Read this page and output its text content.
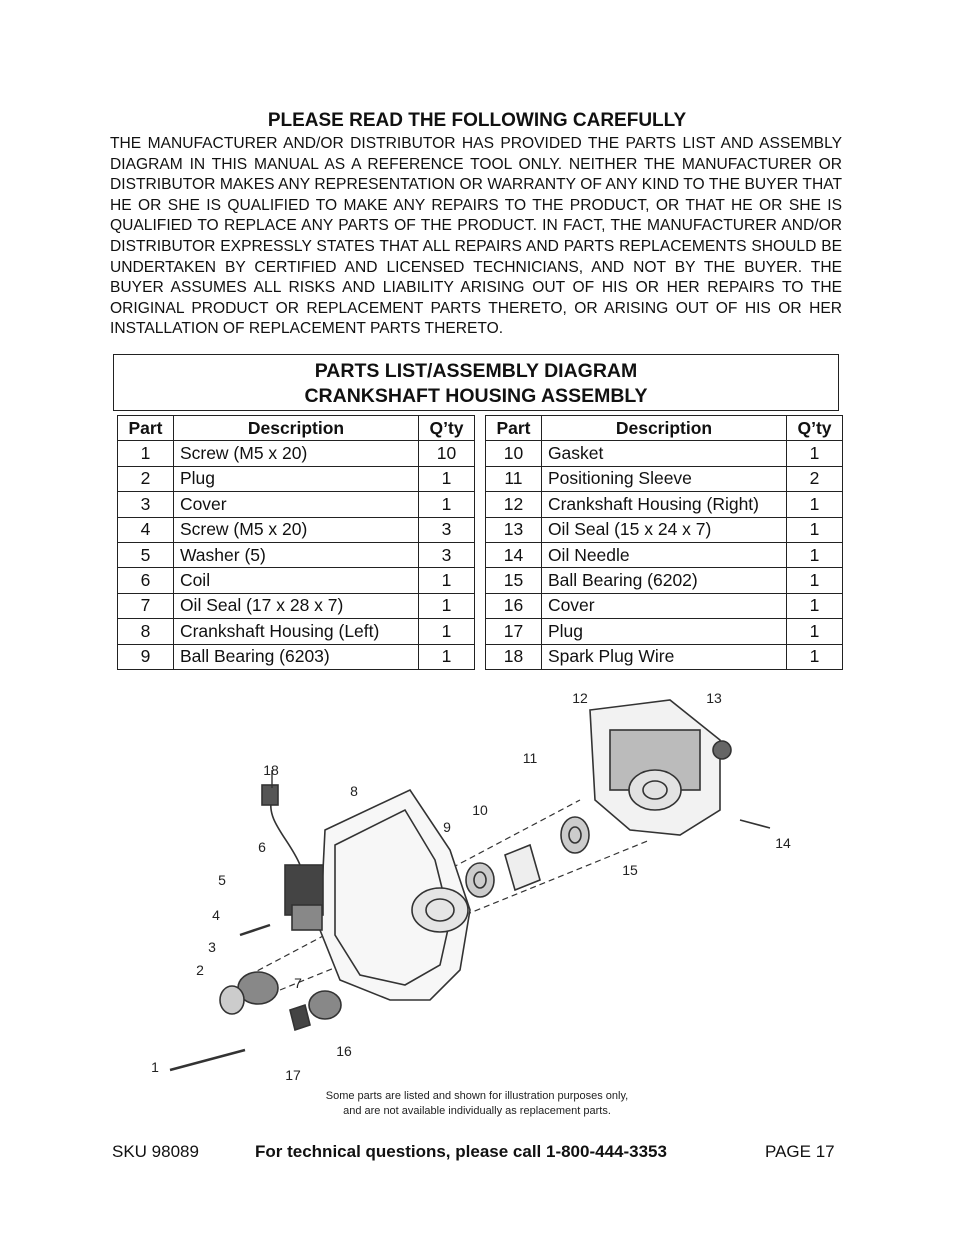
PLEASE READ THE FOLLOWING CAREFULLY
THE MANUFACTURER AND/OR DISTRIBUTOR HAS PROVIDED THE PARTS LIST AND ASSEMBLY DIAGRAM IN THIS MANUAL AS A REFERENCE TOOL ONLY. NEITHER THE MANUFACTURER OR DISTRIBUTOR MAKES ANY REPRESENTATION OR WARRANTY OF ANY KIND TO THE BUYER THAT HE OR SHE IS QUALIFIED TO MAKE ANY REPAIRS TO THE PRODUCT, OR THAT HE OR SHE IS QUALIFIED TO REPLACE ANY PARTS OF THE PRODUCT. IN FACT, THE MANUFACTURER AND/OR DISTRIBUTOR EXPRESSLY STATES THAT ALL REPAIRS AND PARTS REPLACEMENTS SHOULD BE UNDERTAKEN BY CERTIFIED AND LICENSED TECHNICIANS, AND NOT BY THE BUYER. THE BUYER ASSUMES ALL RISKS AND LIABILITY ARISING OUT OF HIS OR HER REPAIRS TO THE ORIGINAL PRODUCT OR REPLACEMENT PARTS THERETO, OR ARISING OUT OF HIS OR HER INSTALLATION OF REPLACEMENT PARTS THERETO.
PARTS LIST/ASSEMBLY DIAGRAM
CRANKSHAFT HOUSING ASSEMBLY
Part	Description	Q’ty
1	Screw (M5 x 20)	10
2	Plug	1
3	Cover	1
4	Screw (M5 x 20)	3
5	Washer (5)	3
6	Coil	1
7	Oil Seal (17 x 28 x 7)	1
8	Crankshaft Housing (Left)	1
9	Ball Bearing (6203)	1
Part	Description	Q’ty
10	Gasket	1
11	Positioning Sleeve	2
12	Crankshaft Housing (Right)	1
13	Oil Seal (15 x 24 x 7)	1
14	Oil Needle	1
15	Ball Bearing (6202)	1
16	Cover	1
17	Plug	1
18	Spark Plug Wire	1
1
2
3
4
5
6
7
8
9
10
11
12	13
14
15
16
17
18
Some parts are listed and shown for illustration purposes only,
and are not available individually as replacement parts.
SKU 98089	For technical questions, please call 1-800-444-3353	PAGE 17
